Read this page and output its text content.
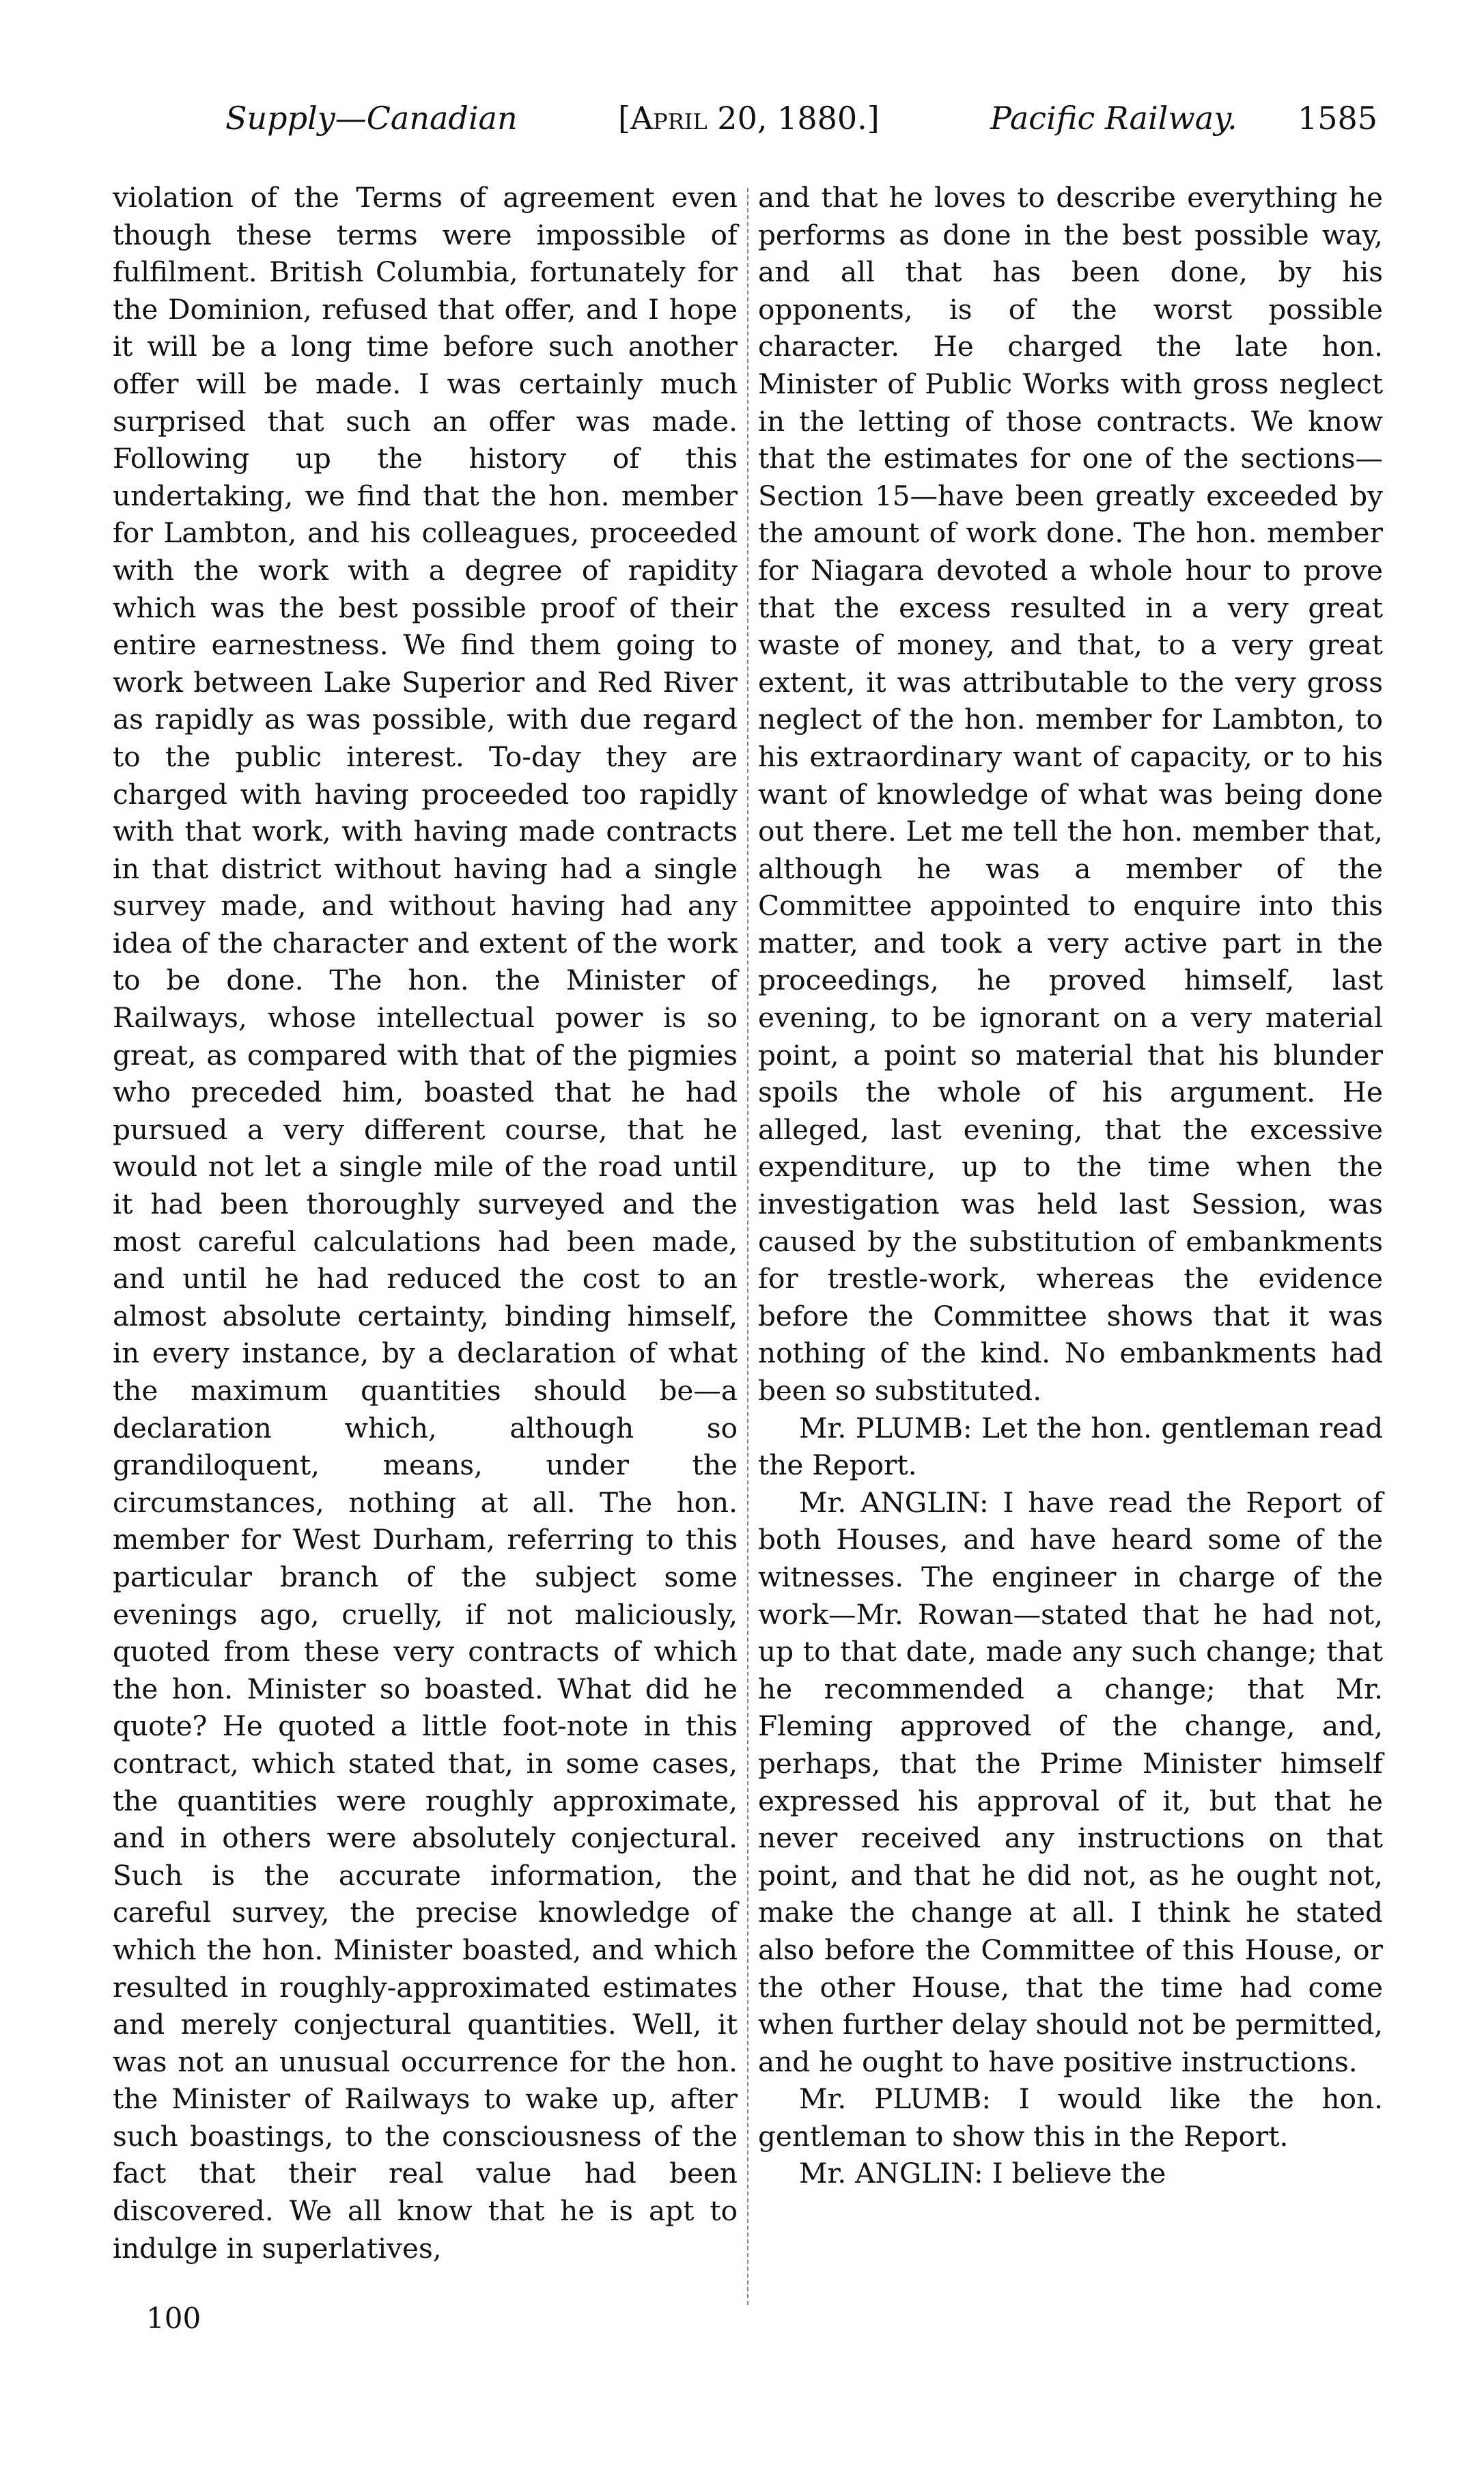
Supply—Canadian	[April 20, 1880.]	Pacific Railway. 1585

violation of the Terms of agreement even though these terms were impossible of fulfilment. British Columbia, fortunately for the Dominion, refused that offer, and I hope it will be a long time before such another offer will be made. I was certainly much surprised that such an offer was made. Following up the history of this undertaking, we find that the hon. member for Lambton, and his colleagues, proceeded with the work with a degree of rapidity which was the best possible proof of their entire earnestness. We find them going to work between Lake Superior and Red River as rapidly as was possible, with due regard to the public interest. To-day they are charged with having proceeded too rapidly with that work, with having made contracts in that district without having had a single survey made, and without having had any idea of the character and extent of the work to be done. The hon. the Minister of Railways, whose intellectual power is so great, as compared with that of the pigmies who preceded him, boasted that he had pursued a very different course, that he would not let a single mile of the road until it had been thoroughly surveyed and the most careful calculations had been made, and until he had reduced the cost to an almost absolute certainty, binding himself, in every instance, by a declaration of what the maximum quantities should be—a declaration which, although so grandiloquent, means, under the circumstances, nothing at all. The hon. member for West Durham, referring to this particular branch of the subject some evenings ago, cruelly, if not maliciously, quoted from these very contracts of which the hon. Minister so boasted. What did he quote? He quoted a little foot-note in this contract, which stated that, in some cases, the quantities were roughly approximate, and in others were absolutely conjectural. Such is the accurate information, the careful survey, the precise knowledge of which the hon. Minister boasted, and which resulted in roughly-approximated estimates and merely conjectural quantities. Well, it was not an unusual occurrence for the hon. the Minister of Railways to wake up, after such boastings, to the consciousness of the fact that their real value had been discovered. We all know that he is apt to indulge in superlatives,

and that he loves to describe everything he performs as done in the best possible way, and all that has been done, by his opponents, is of the worst possible character. He charged the late hon. Minister of Public Works with gross neglect in the letting of those contracts. We know that the estimates for one of the sections—Section 15—have been greatly exceeded by the amount of work done. The hon. member for Niagara devoted a whole hour to prove that the excess resulted in a very great waste of money, and that, to a very great extent, it was attributable to the very gross neglect of the hon. member for Lambton, to his extraordinary want of capacity, or to his want of knowledge of what was being done out there. Let me tell the hon. member that, although he was a member of the Committee appointed to enquire into this matter, and took a very active part in the proceedings, he proved himself, last evening, to be ignorant on a very material point, a point so material that his blunder spoils the whole of his argument. He alleged, last evening, that the excessive expenditure, up to the time when the investigation was held last Session, was caused by the substitution of embankments for trestle-work, whereas the evidence before the Committee shows that it was nothing of the kind. No embankments had been so substituted.

Mr. PLUMB: Let the hon. gentleman read the Report.

Mr. ANGLIN: I have read the Report of both Houses, and have heard some of the witnesses. The engineer in charge of the work—Mr. Rowan—stated that he had not, up to that date, made any such change; that he recommended a change; that Mr. Fleming approved of the change, and, perhaps, that the Prime Minister himself expressed his approval of it, but that he never received any instructions on that point, and that he did not, as he ought not, make the change at all. I think he stated also before the Committee of this House, or the other House, that the time had come when further delay should not be permitted, and he ought to have positive instructions.

Mr. PLUMB: I would like the hon. gentleman to show this in the Report.

Mr. ANGLIN: I believe the

100
